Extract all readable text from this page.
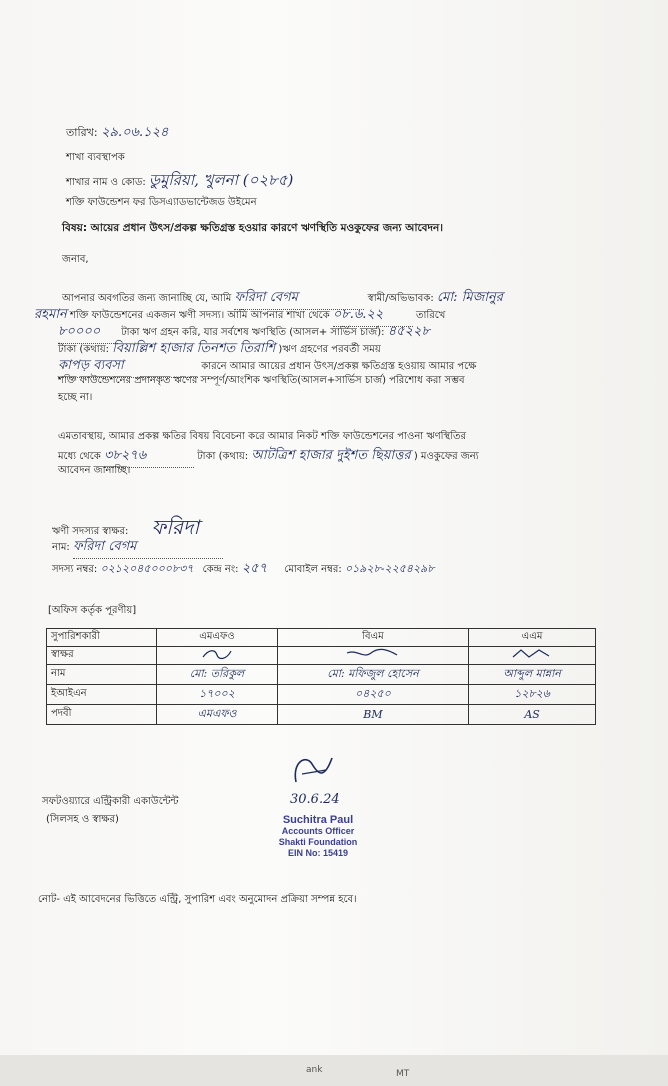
তারিখ: ২৯.০৬.১২৪
শাখা ব্যবস্থাপক
শাখার নাম ও কোড: ডুমুরিয়া, খুলনা (০২৮৫)
শক্তি ফাউন্ডেশন ফর ডিসএ্যাডভান্টেজড উইমেন
বিষয়: আয়ের প্রধান উৎস/প্রকল্প ক্ষতিগ্রস্ত হওয়ার কারণে ঋণস্থিতি মওকুফের জন্য আবেদন।
জনাব,
আপনার অবগতির জন্য জানাচ্ছি যে, আমি ফরিদা বেগম	স্বামী/অভিভাবক: মো: মিজানুর
রহমান শক্তি ফাউন্ডেশনের একজন ঋণী সদস্য। আমি আপনার শাখা থেকে ০৮.৬.২২	তারিখে
৮০০০০ টাকা ঋণ গ্রহন করি, যার সর্বশেষ ঋণস্থিতি (আসল+ সার্ভিস চার্জ): ৪৫২২৮
টাকা (কথায়: বিয়াল্লিশ হাজার তিনশত তিরাশি )ঋণ গ্রহণের পরবর্তী সময়
কাপড় ব্যবসা	কারনে আমার আয়ের প্রধান উৎস/প্রকল্প ক্ষতিগ্রস্ত হওয়ায় আমার পক্ষে
শক্তি ফাউন্ডেশনের প্রদানকৃত ঋণের সম্পূর্ণ/আংশিক ঋণস্থিতি(আসল+সার্ভিস চার্জ) পরিশোধ করা সম্ভব
হচ্ছে না।
এমতাবস্থায়, আমার প্রকল্প ক্ষতির বিষয় বিবেচনা করে আমার নিকট শক্তি ফাউন্ডেশনের পাওনা ঋণস্থিতির
মধ্যে থেকে ৩৮২৭৬	টাকা (কথায়: আটত্রিশ হাজার দুইশত ছিয়াত্তর ) মওকুফের জন্য
আবেদন জানাচ্ছি।
ঋণী সদস্যর স্বাক্ষর: ফরিদা
নাম: ফরিদা বেগম
সদস্য নম্বর: ০২১২০৪৫০০০৮৩৭ কেন্দ্র নং: ২৫৭ মোবাইল নম্বর: ০১৯২৮-২২৫৪২৯৮
[অফিস কর্তৃক পূরণীয়]
সুপারিশকারী	এমএফও	বিএম	এএম
স্বাক্ষর			
নাম	মো: তরিকুল	মো: মফিজুল হোসেন	আব্দুল মান্নান
ইআইএন	১৭০০২	০৪২৫০	১২৮২৬
পদবী	এমএফও	BM	AS
সফটওয়্যারে এন্ট্রিকারী একাউন্টেন্ট
(সিলসহ ও স্বাক্ষর)
30.6.24
Suchitra Paul
Accounts Officer
Shakti Foundation
EIN No: 15419
নোট- এই আবেদনের ভিত্তিতে এন্ট্রি, সুপারিশ এবং অনুমোদন প্রক্রিয়া সম্পন্ন হবে।
ank	MT
